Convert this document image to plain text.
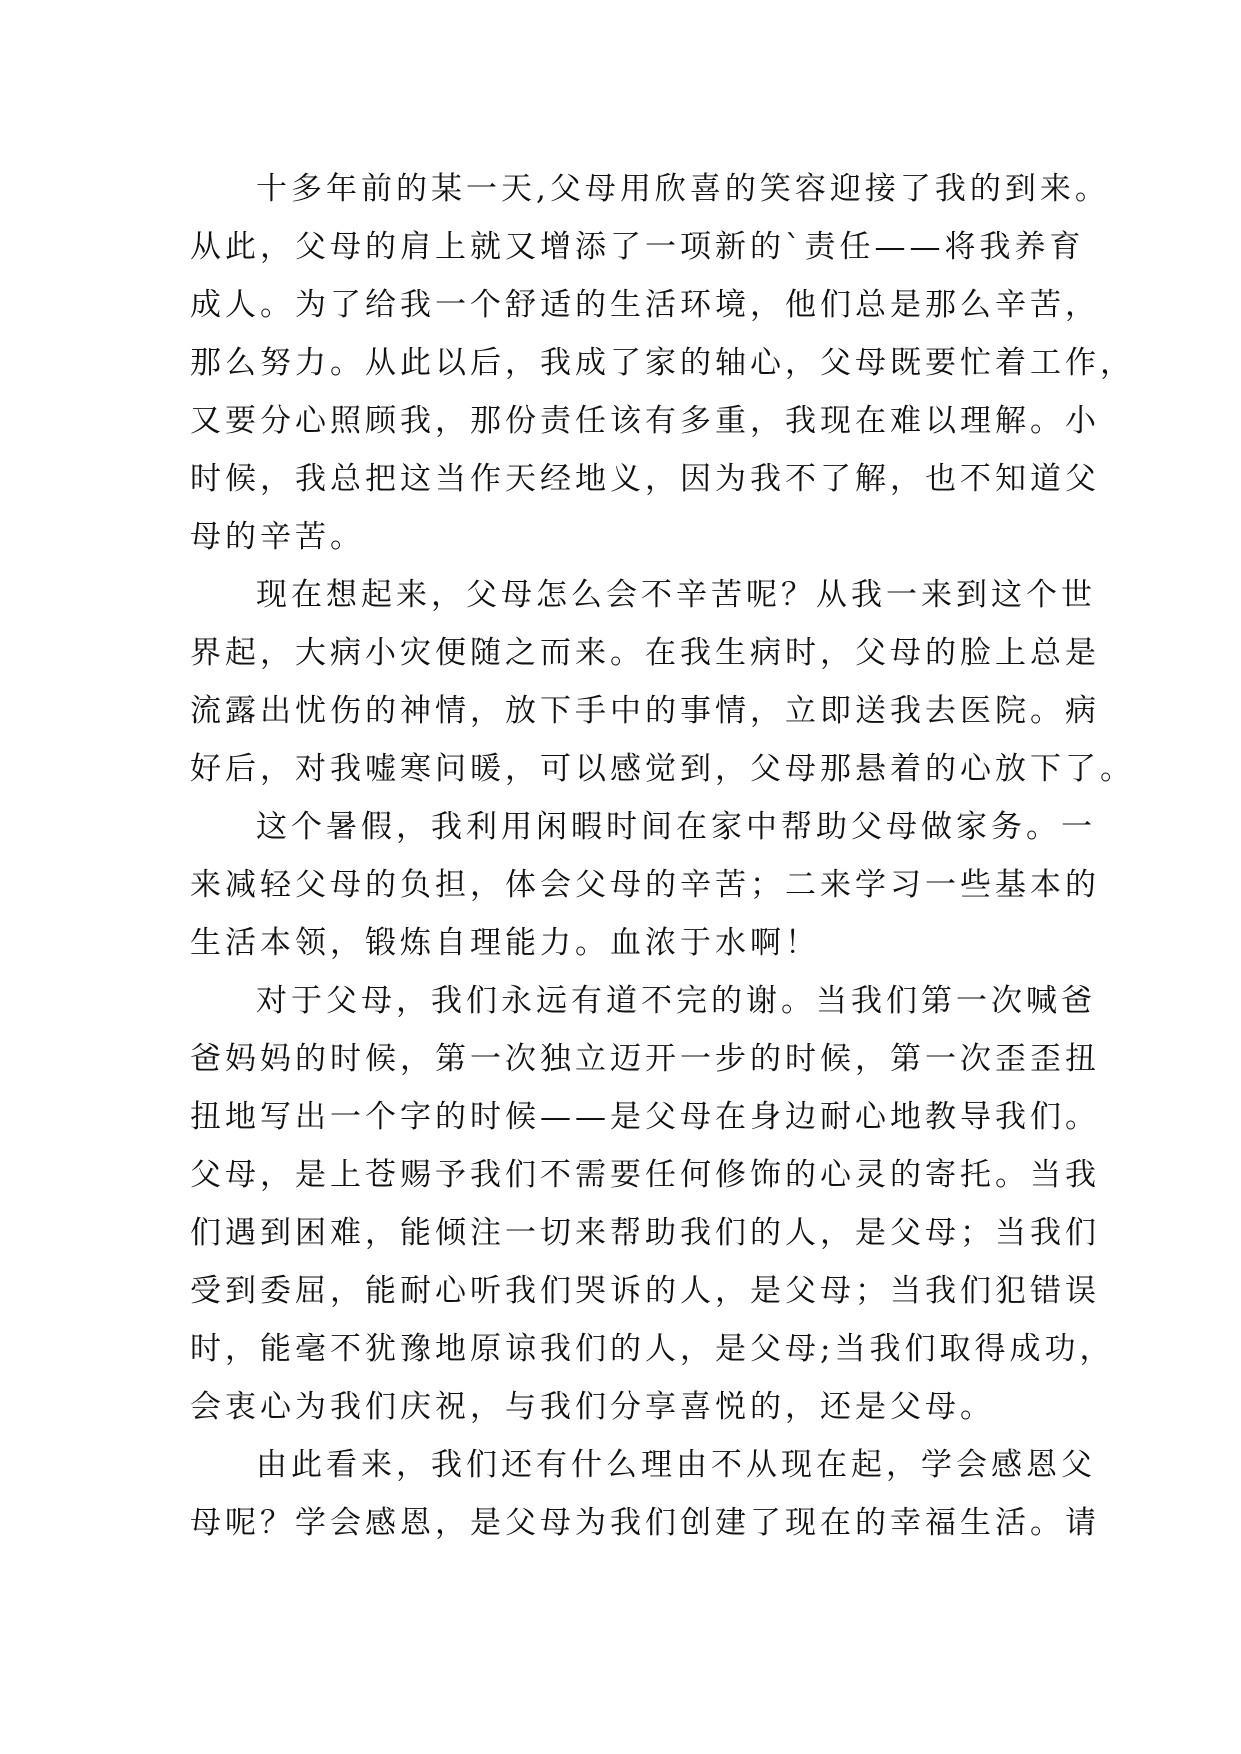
十多年前的某一天,父母用欣喜的笑容迎接了我的到来。
从此，父母的肩上就又增添了一项新的`责任——将我养育
成人。为了给我一个舒适的生活环境，他们总是那么辛苦，
那么努力。从此以后，我成了家的轴心，父母既要忙着工作，
又要分心照顾我，那份责任该有多重，我现在难以理解。小
时候，我总把这当作天经地义，因为我不了解，也不知道父
母的辛苦。
现在想起来，父母怎么会不辛苦呢？从我一来到这个世
界起，大病小灾便随之而来。在我生病时，父母的脸上总是
流露出忧伤的神情，放下手中的事情，立即送我去医院。病
好后，对我嘘寒问暖，可以感觉到，父母那悬着的心放下了。
这个暑假，我利用闲暇时间在家中帮助父母做家务。一
来减轻父母的负担，体会父母的辛苦；二来学习一些基本的
生活本领，锻炼自理能力。血浓于水啊！
对于父母，我们永远有道不完的谢。当我们第一次喊爸
爸妈妈的时候，第一次独立迈开一步的时候，第一次歪歪扭
扭地写出一个字的时候——是父母在身边耐心地教导我们。
父母，是上苍赐予我们不需要任何修饰的心灵的寄托。当我
们遇到困难，能倾注一切来帮助我们的人，是父母；当我们
受到委屈，能耐心听我们哭诉的人，是父母；当我们犯错误
时，能毫不犹豫地原谅我们的人，是父母;当我们取得成功，
会衷心为我们庆祝，与我们分享喜悦的，还是父母。
由此看来，我们还有什么理由不从现在起，学会感恩父
母呢？学会感恩，是父母为我们创建了现在的幸福生活。请
